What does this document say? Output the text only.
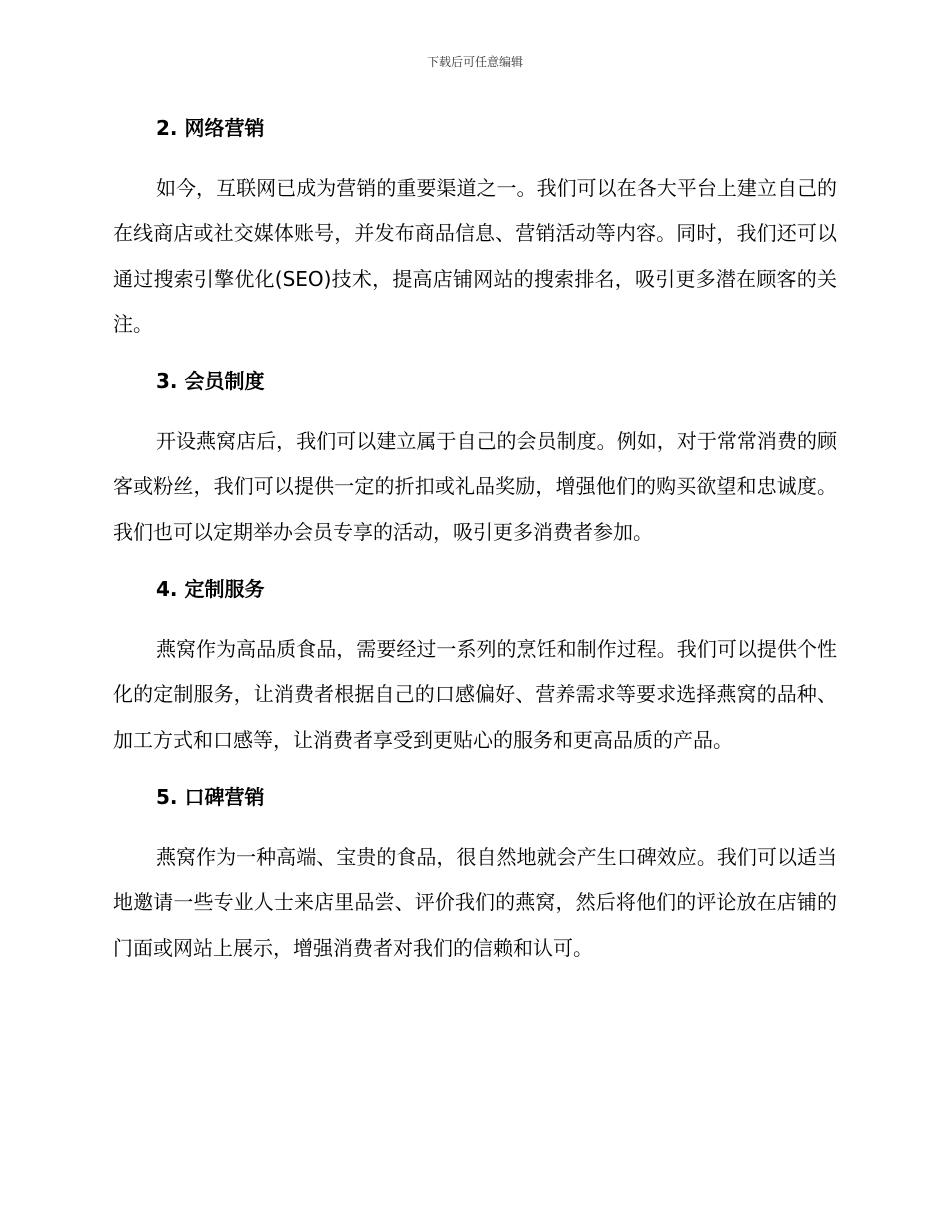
下载后可任意编辑
2. 网络营销

如今，互联网已成为营销的重要渠道之一。我们可以在各大平台上建立自己的在线商店或社交媒体账号，并发布商品信息、营销活动等内容。同时，我们还可以通过搜索引擎优化(SEO)技术，提高店铺网站的搜索排名，吸引更多潜在顾客的关注。

3. 会员制度

开设燕窝店后，我们可以建立属于自己的会员制度。例如，对于常常消费的顾客或粉丝，我们可以提供一定的折扣或礼品奖励，增强他们的购买欲望和忠诚度。我们也可以定期举办会员专享的活动，吸引更多消费者参加。

4. 定制服务

燕窝作为高品质食品，需要经过一系列的烹饪和制作过程。我们可以提供个性化的定制服务，让消费者根据自己的口感偏好、营养需求等要求选择燕窝的品种、加工方式和口感等，让消费者享受到更贴心的服务和更高品质的产品。

5. 口碑营销

燕窝作为一种高端、宝贵的食品，很自然地就会产生口碑效应。我们可以适当地邀请一些专业人士来店里品尝、评价我们的燕窝，然后将他们的评论放在店铺的门面或网站上展示，增强消费者对我们的信赖和认可。
